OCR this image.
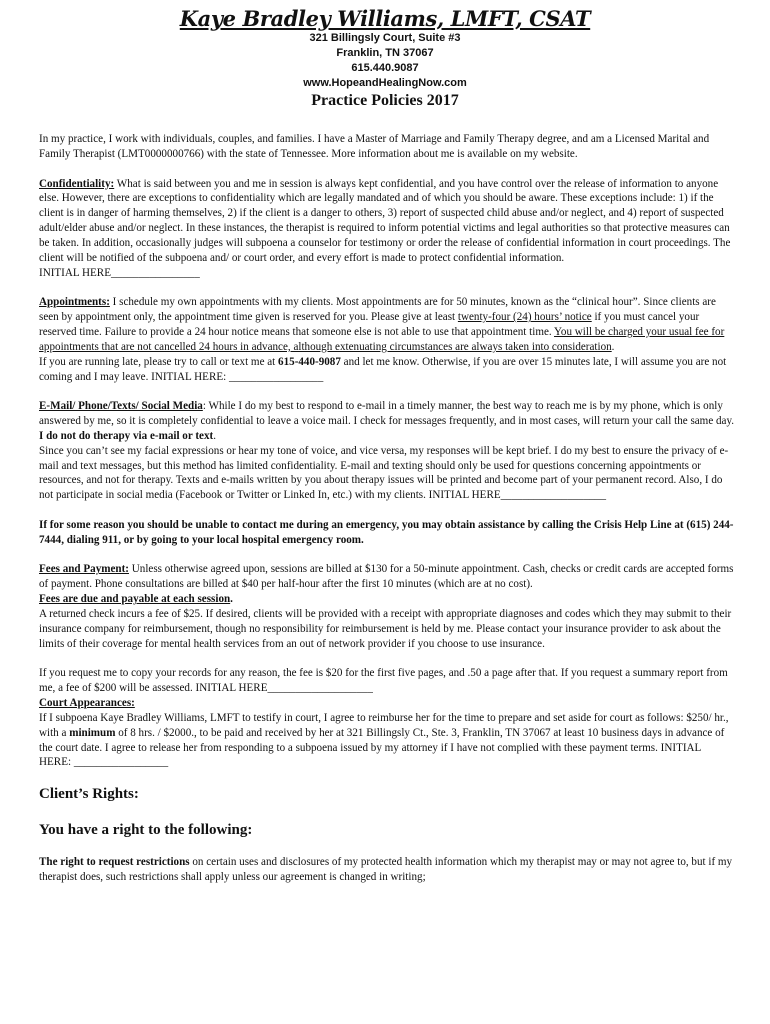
Kaye Bradley Williams, LMFT, CSAT
321 Billingsly Court, Suite #3
Franklin, TN 37067
615.440.9087
www.HopeandHealingNow.com
Practice Policies 2017

In my practice, I work with individuals, couples, and families. I have a Master of Marriage and Family Therapy degree, and am a Licensed Marital and Family Therapist (LMT0000000766) with the state of Tennessee. More information about me is available on my website.

Confidentiality: What is said between you and me in session is always kept confidential, and you have control over the release of information to anyone else. However, there are exceptions to confidentiality which are legally mandated and of which you should be aware. These exceptions include: 1) if the client is in danger of harming themselves, 2) if the client is a danger to others, 3) report of suspected child abuse and/or neglect, and 4) report of suspected adult/elder abuse and/or neglect. In these instances, the therapist is required to inform potential victims and legal authorities so that protective measures can be taken. In addition, occasionally judges will subpoena a counselor for testimony or order the release of confidential information in court proceedings. The client will be notified of the subpoena and/ or court order, and every effort is made to protect confidential information.
INITIAL HERE________________

Appointments: I schedule my own appointments with my clients. Most appointments are for 50 minutes, known as the “clinical hour”. Since clients are seen by appointment only, the appointment time given is reserved for you. Please give at least twenty-four (24) hours’ notice if you must cancel your reserved time. Failure to provide a 24 hour notice means that someone else is not able to use that appointment time. You will be charged your usual fee for appointments that are not cancelled 24 hours in advance, although extenuating circumstances are always taken into consideration.
If you are running late, please try to call or text me at 615-440-9087 and let me know. Otherwise, if you are over 15 minutes late, I will assume you are not coming and I may leave. INITIAL HERE: _________________

E-Mail/ Phone/Texts/ Social Media: While I do my best to respond to e-mail in a timely manner, the best way to reach me is by my phone, which is only answered by me, so it is completely confidential to leave a voice mail. I check for messages frequently, and in most cases, will return your call the same day.
I do not do therapy via e-mail or text.
Since you can’t see my facial expressions or hear my tone of voice, and vice versa, my responses will be kept brief. I do my best to ensure the privacy of e-mail and text messages, but this method has limited confidentiality. E-mail and texting should only be used for questions concerning appointments or resources, and not for therapy. Texts and e-mails written by you about therapy issues will be printed and become part of your permanent record. Also, I do not participate in social media (Facebook or Twitter or Linked In, etc.) with my clients. INITIAL HERE___________________

If for some reason you should be unable to contact me during an emergency, you may obtain assistance by calling the Crisis Help Line at (615) 244-7444, dialing 911, or by going to your local hospital emergency room.

Fees and Payment: Unless otherwise agreed upon, sessions are billed at $130 for a 50-minute appointment. Cash, checks or credit cards are accepted forms of payment. Phone consultations are billed at $40 per half-hour after the first 10 minutes (which are at no cost).
Fees are due and payable at each session.
A returned check incurs a fee of $25. If desired, clients will be provided with a receipt with appropriate diagnoses and codes which they may submit to their insurance company for reimbursement, though no responsibility for reimbursement is held by me. Please contact your insurance provider to ask about the limits of their coverage for mental health services from an out of network provider if you choose to use insurance.

If you request me to copy your records for any reason, the fee is $20 for the first five pages, and .50 a page after that. If you request a summary report from me, a fee of $200 will be assessed. INITIAL HERE___________________
Court Appearances:
If I subpoena Kaye Bradley Williams, LMFT to testify in court, I agree to reimburse her for the time to prepare and set aside for court as follows: $250/ hr., with a minimum of 8 hrs. / $2000., to be paid and received by her at 321 Billingsly Ct., Ste. 3, Franklin, TN 37067 at least 10 business days in advance of the court date. I agree to release her from responding to a subpoena issued by my attorney if I have not complied with these payment terms. INITIAL HERE: _________________

Client’s Rights:

You have a right to the following:

The right to request restrictions on certain uses and disclosures of my protected health information which my therapist may or may not agree to, but if my therapist does, such restrictions shall apply unless our agreement is changed in writing;
